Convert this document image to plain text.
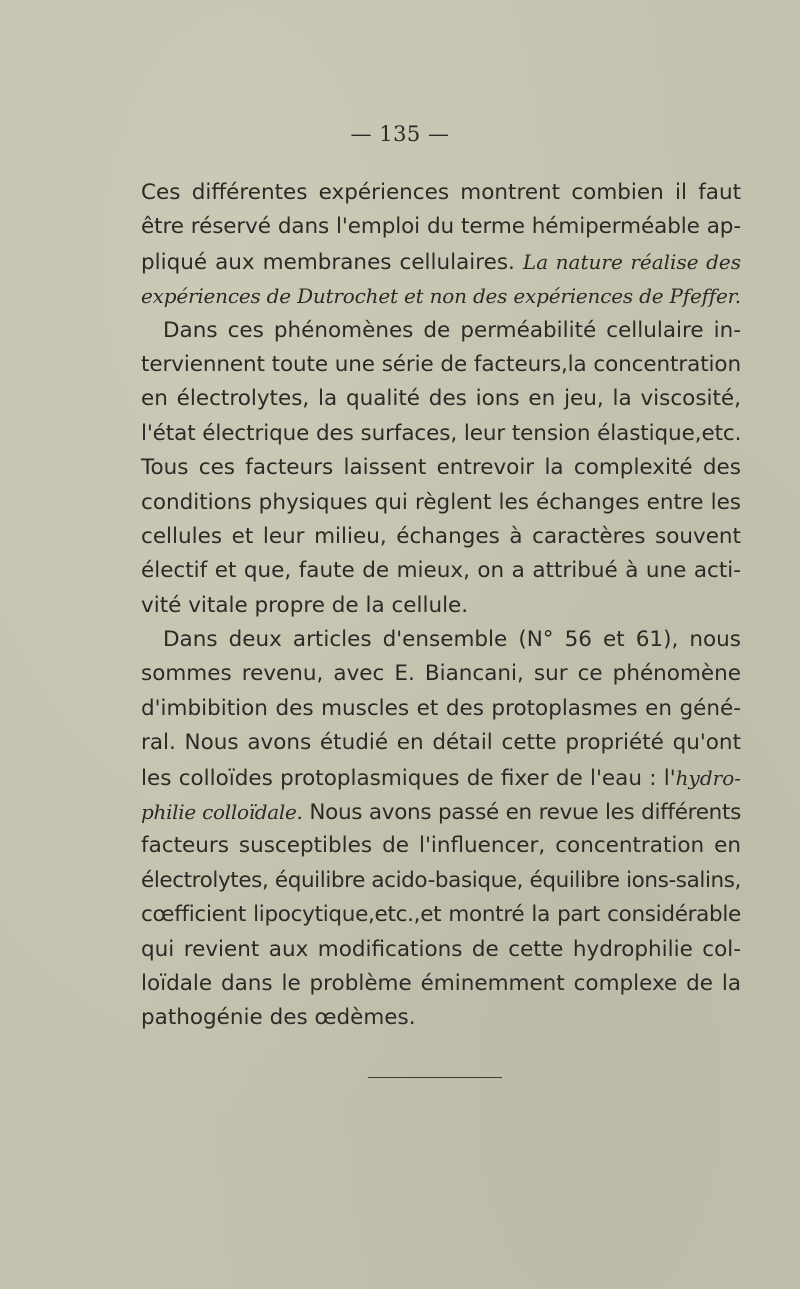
— 135 —
Ces différentes expériences montrent combien il faut
être réservé dans l'emploi du terme hémiperméable ap-
pliqué aux membranes cellulaires. La nature réalise des
expériences de Dutrochet et non des expériences de Pfeffer.
Dans ces phénomènes de perméabilité cellulaire in-
terviennent toute une série de facteurs,la concentration
en électrolytes, la qualité des ions en jeu, la viscosité,
l'état électrique des surfaces, leur tension élastique,etc.
Tous ces facteurs laissent entrevoir la complexité des
conditions physiques qui règlent les échanges entre les
cellules et leur milieu, échanges à caractères souvent
électif et que, faute de mieux, on a attribué à une acti-
vité vitale propre de la cellule.
Dans deux articles d'ensemble (N° 56 et 61), nous
sommes revenu, avec E. Biancani, sur ce phénomène
d'imbibition des muscles et des protoplasmes en géné-
ral. Nous avons étudié en détail cette propriété qu'ont
les colloïdes protoplasmiques de fixer de l'eau : l'hydro-
philie colloïdale. Nous avons passé en revue les différents
facteurs susceptibles de l'influencer, concentration en
électrolytes, équilibre acido-basique, équilibre ions-salins,
cœfficient lipocytique,etc.,et montré la part considérable
qui revient aux modifications de cette hydrophilie col-
loïdale dans le problème éminemment complexe de la
pathogénie des œdèmes.
